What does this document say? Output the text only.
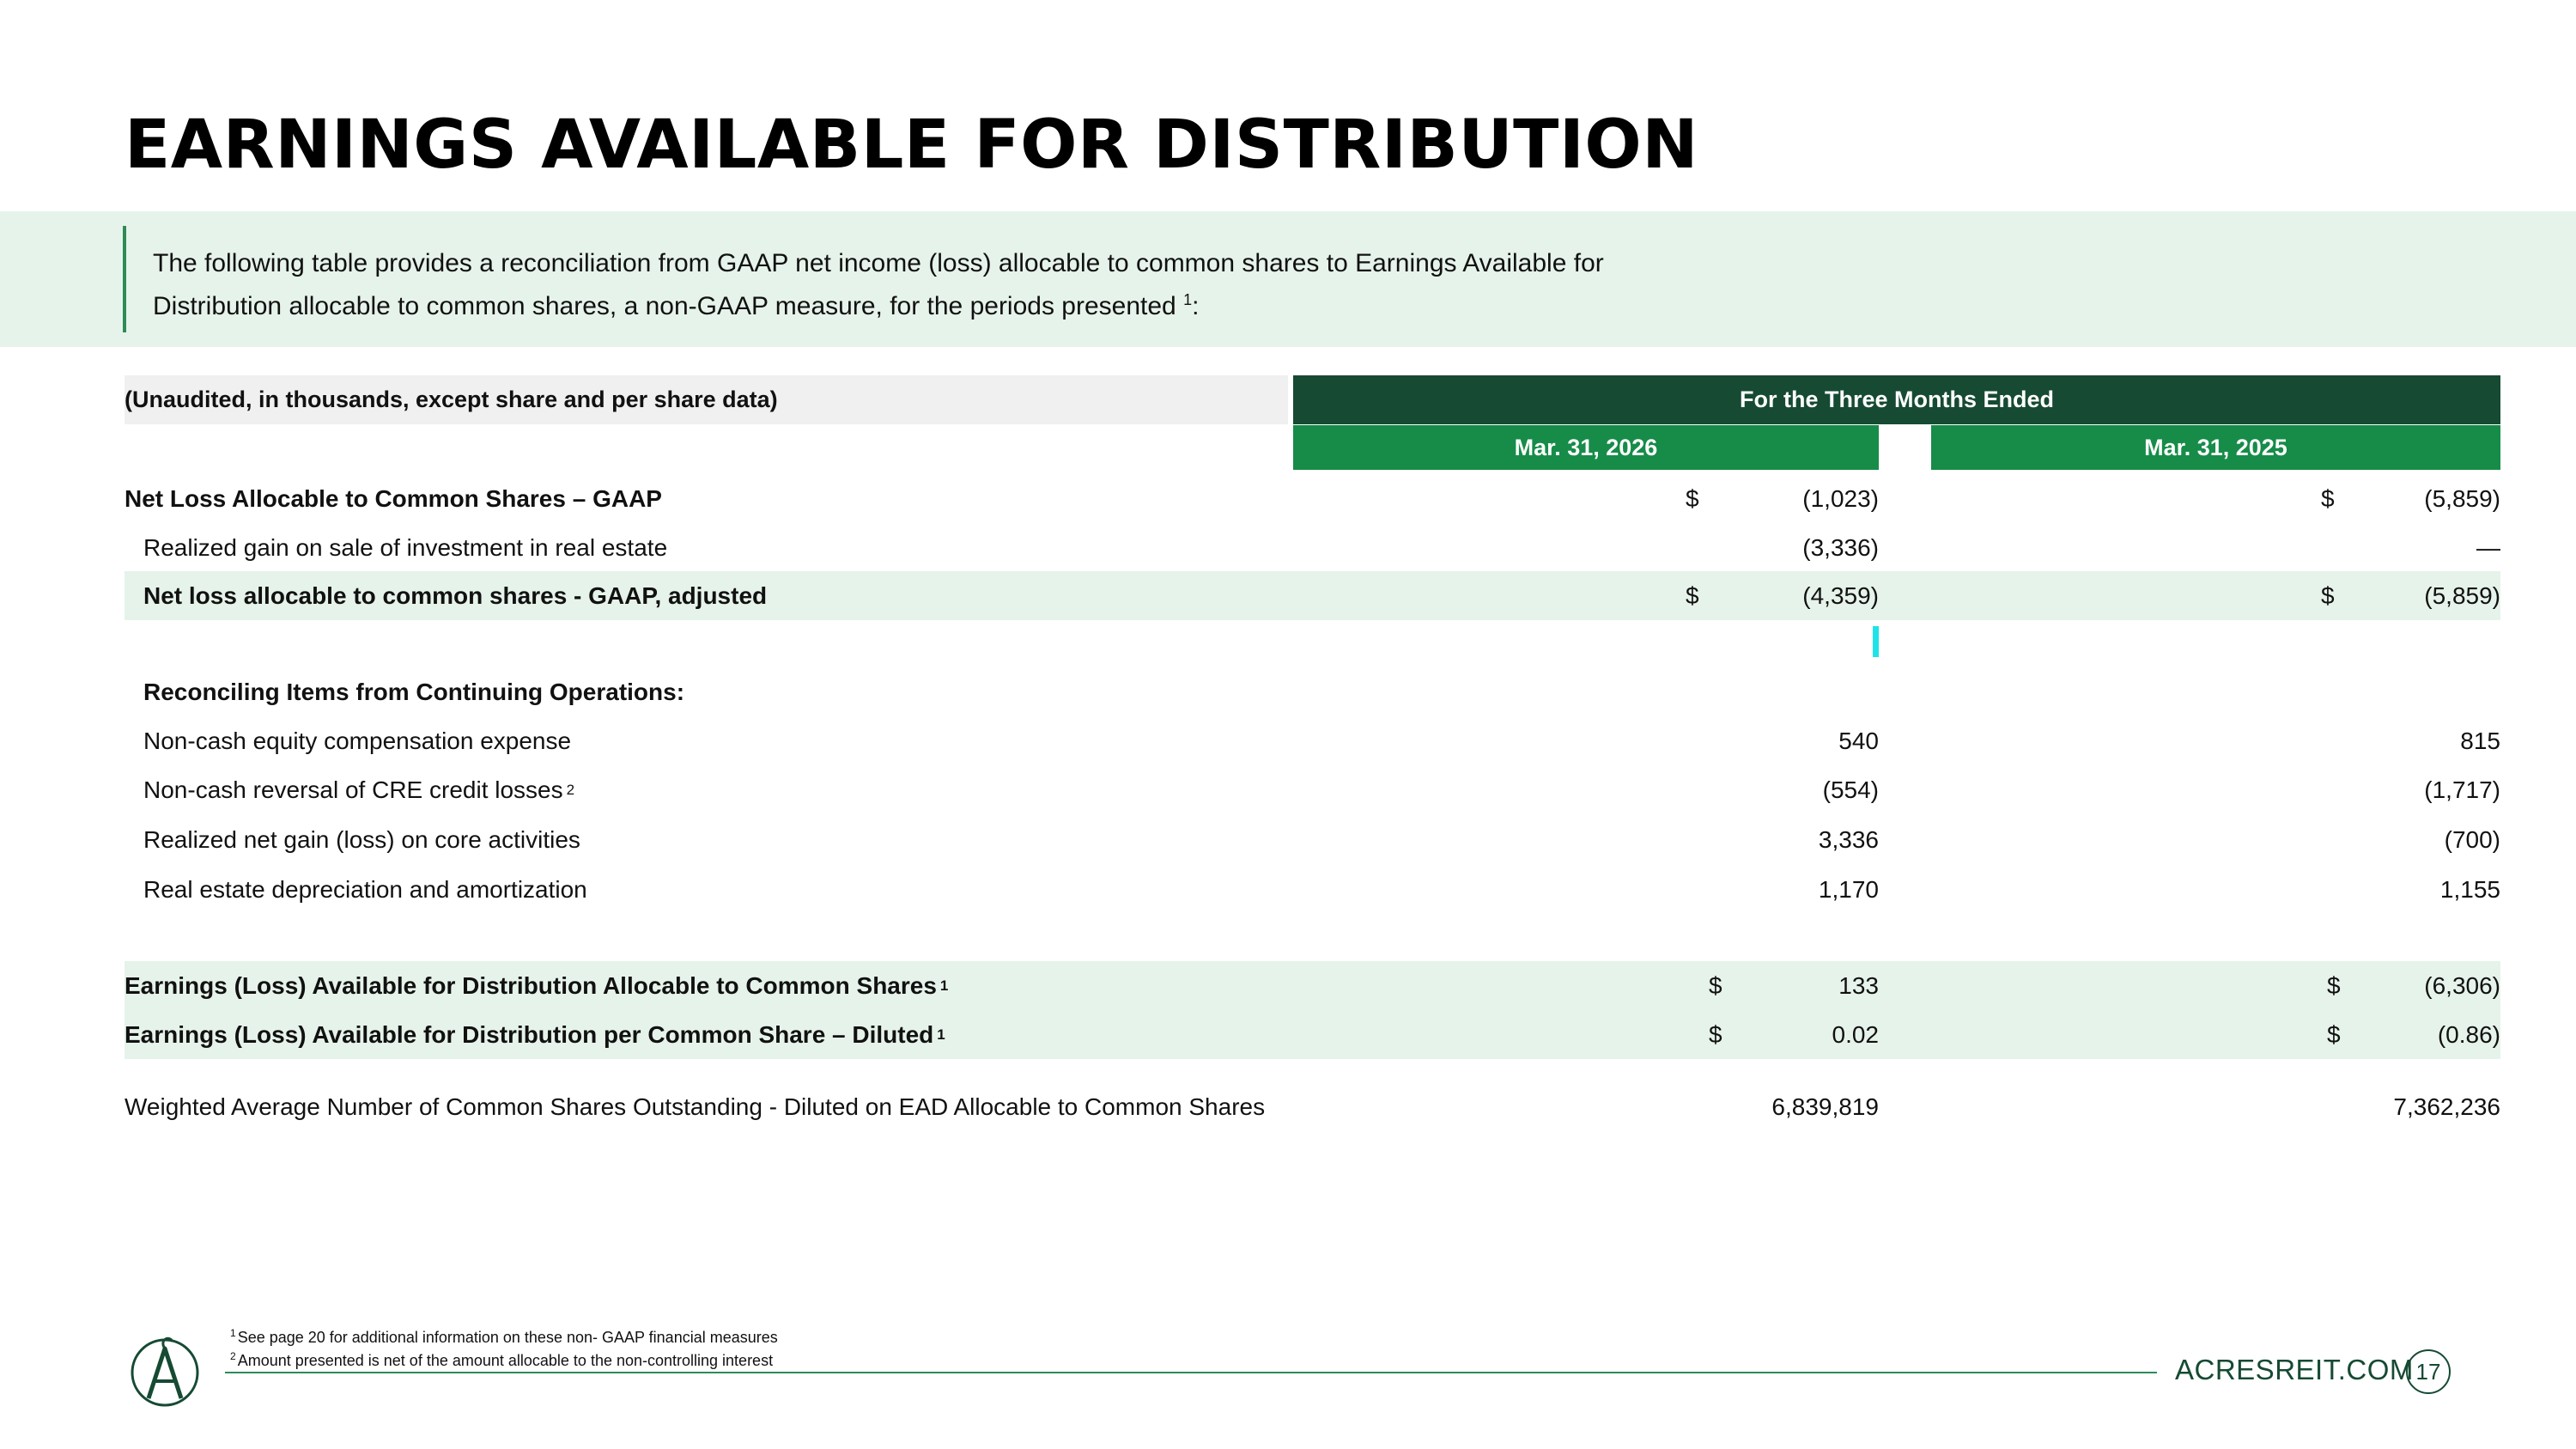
EARNINGS AVAILABLE FOR DISTRIBUTION
The following table provides a reconciliation from GAAP net income (loss) allocable to common shares to Earnings Available for
Distribution allocable to common shares, a non-GAAP measure, for the periods presented $^1$:
(Unaudited, in thousands, except share and per share data)	For the Three Months Ended
Mar. 31, 2026	Mar. 31, 2025
Net Loss Allocable to Common Shares – GAAP	$	(1,023)	$	(5,859)
Realized gain on sale of investment in real estate	(3,336)	—
Net loss allocable to common shares - GAAP, adjusted	$	(4,359)	$	(5,859)
Reconciling Items from Continuing Operations:
Non-cash equity compensation expense	540	815
Non-cash reversal of CRE credit losses 2	(554)	(1,717)
Realized net gain (loss) on core activities	3,336	(700)
Real estate depreciation and amortization	1,170	1,155
Earnings (Loss) Available for Distribution Allocable to Common Shares 1	$	133	$	(6,306)
Earnings (Loss) Available for Distribution per Common Share – Diluted 1	$	0.02	$	(0.86)
Weighted Average Number of Common Shares Outstanding - Diluted on EAD Allocable to Common Shares	6,839,819	7,362,236
$^1$ See page 20 for additional information on these non- GAAP financial measures
$^2$ Amount presented is net of the amount allocable to the non-controlling interest	ACRESREIT.COM 17
